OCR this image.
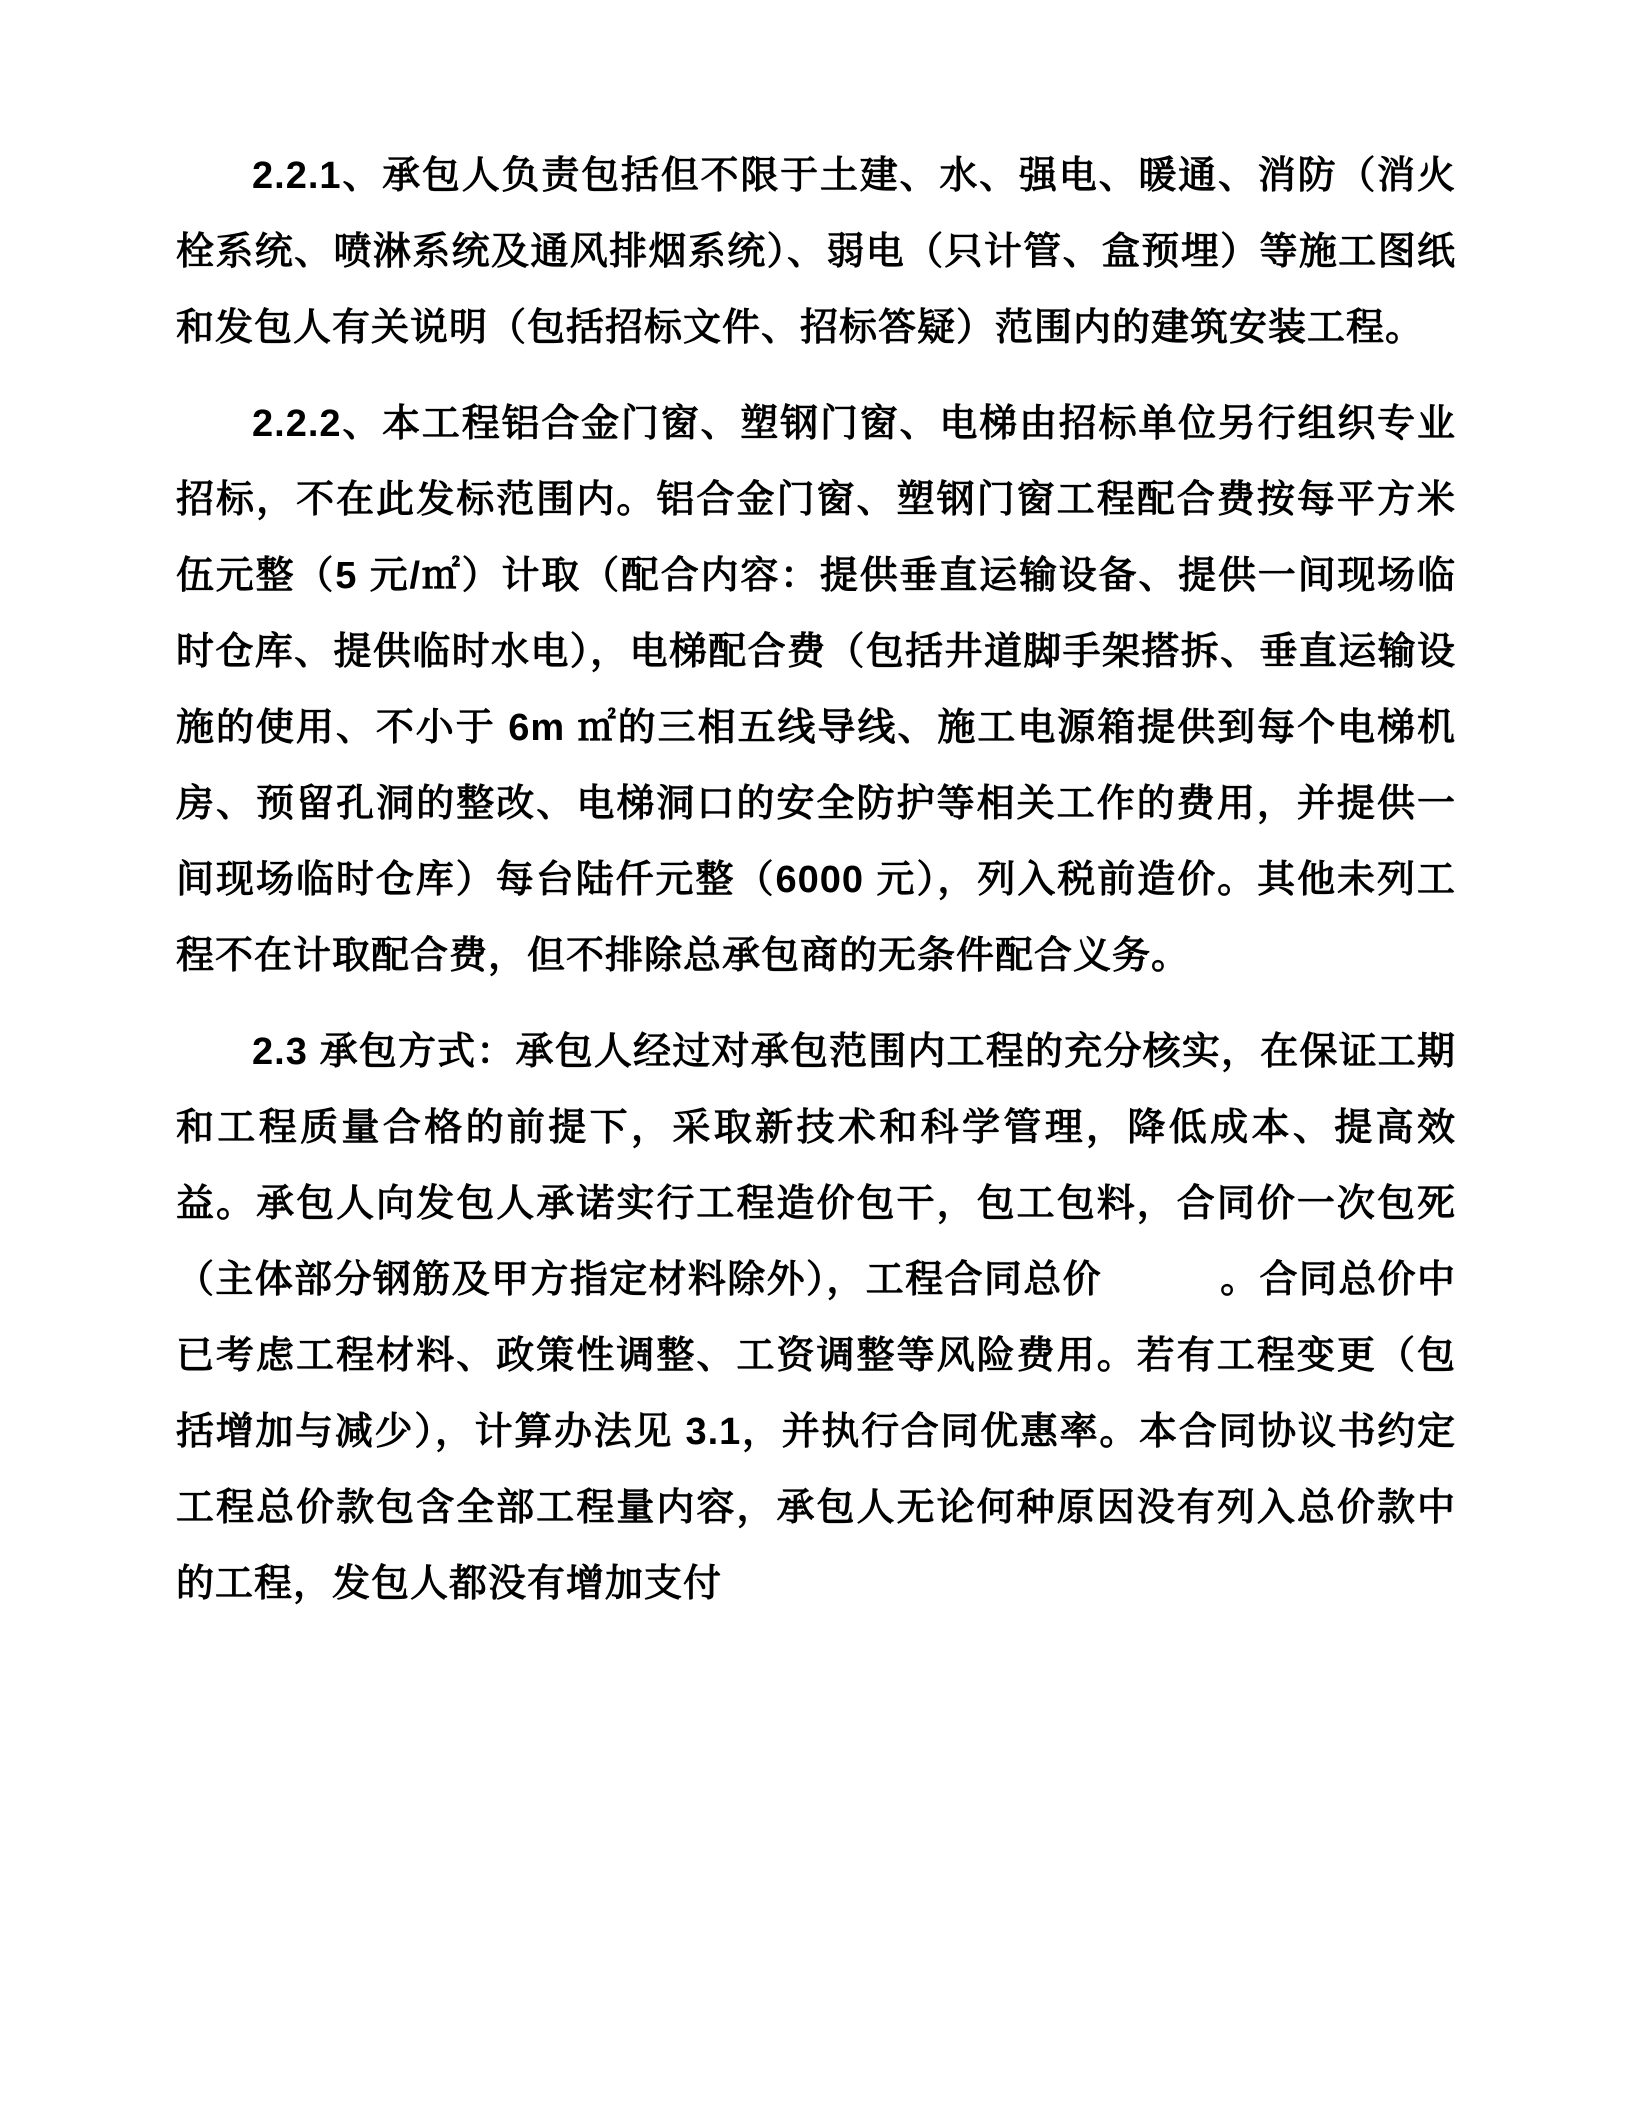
2.2.1、承包人负责包括但不限于土建、水、强电、暖通、消防（消火栓系统、喷淋系统及通风排烟系统）、弱电（只计管、盒预埋）等施工图纸和发包人有关说明（包括招标文件、招标答疑）范围内的建筑安装工程。

2.2.2、本工程铝合金门窗、塑钢门窗、电梯由招标单位另行组织专业招标，不在此发标范围内。铝合金门窗、塑钢门窗工程配合费按每平方米伍元整（5 元/㎡）计取（配合内容：提供垂直运输设备、提供一间现场临时仓库、提供临时水电），电梯配合费（包括井道脚手架搭拆、垂直运输设施的使用、不小于 6m ㎡的三相五线导线、施工电源箱提供到每个电梯机房、预留孔洞的整改、电梯洞口的安全防护等相关工作的费用，并提供一间现场临时仓库）每台陆仟元整（6000 元），列入税前造价。其他未列工程不在计取配合费，但不排除总承包商的无条件配合义务。

2.3 承包方式：承包人经过对承包范围内工程的充分核实，在保证工期和工程质量合格的前提下，采取新技术和科学管理，降低成本、提高效益。承包人向发包人承诺实行工程造价包干，包工包料，合同价一次包死（主体部分钢筋及甲方指定材料除外），工程合同总价　　　。合同总价中已考虑工程材料、政策性调整、工资调整等风险费用。若有工程变更（包括增加与减少），计算办法见 3.1，并执行合同优惠率。本合同协议书约定工程总价款包含全部工程量内容，承包人无论何种原因没有列入总价款中的工程，发包人都没有增加支付
